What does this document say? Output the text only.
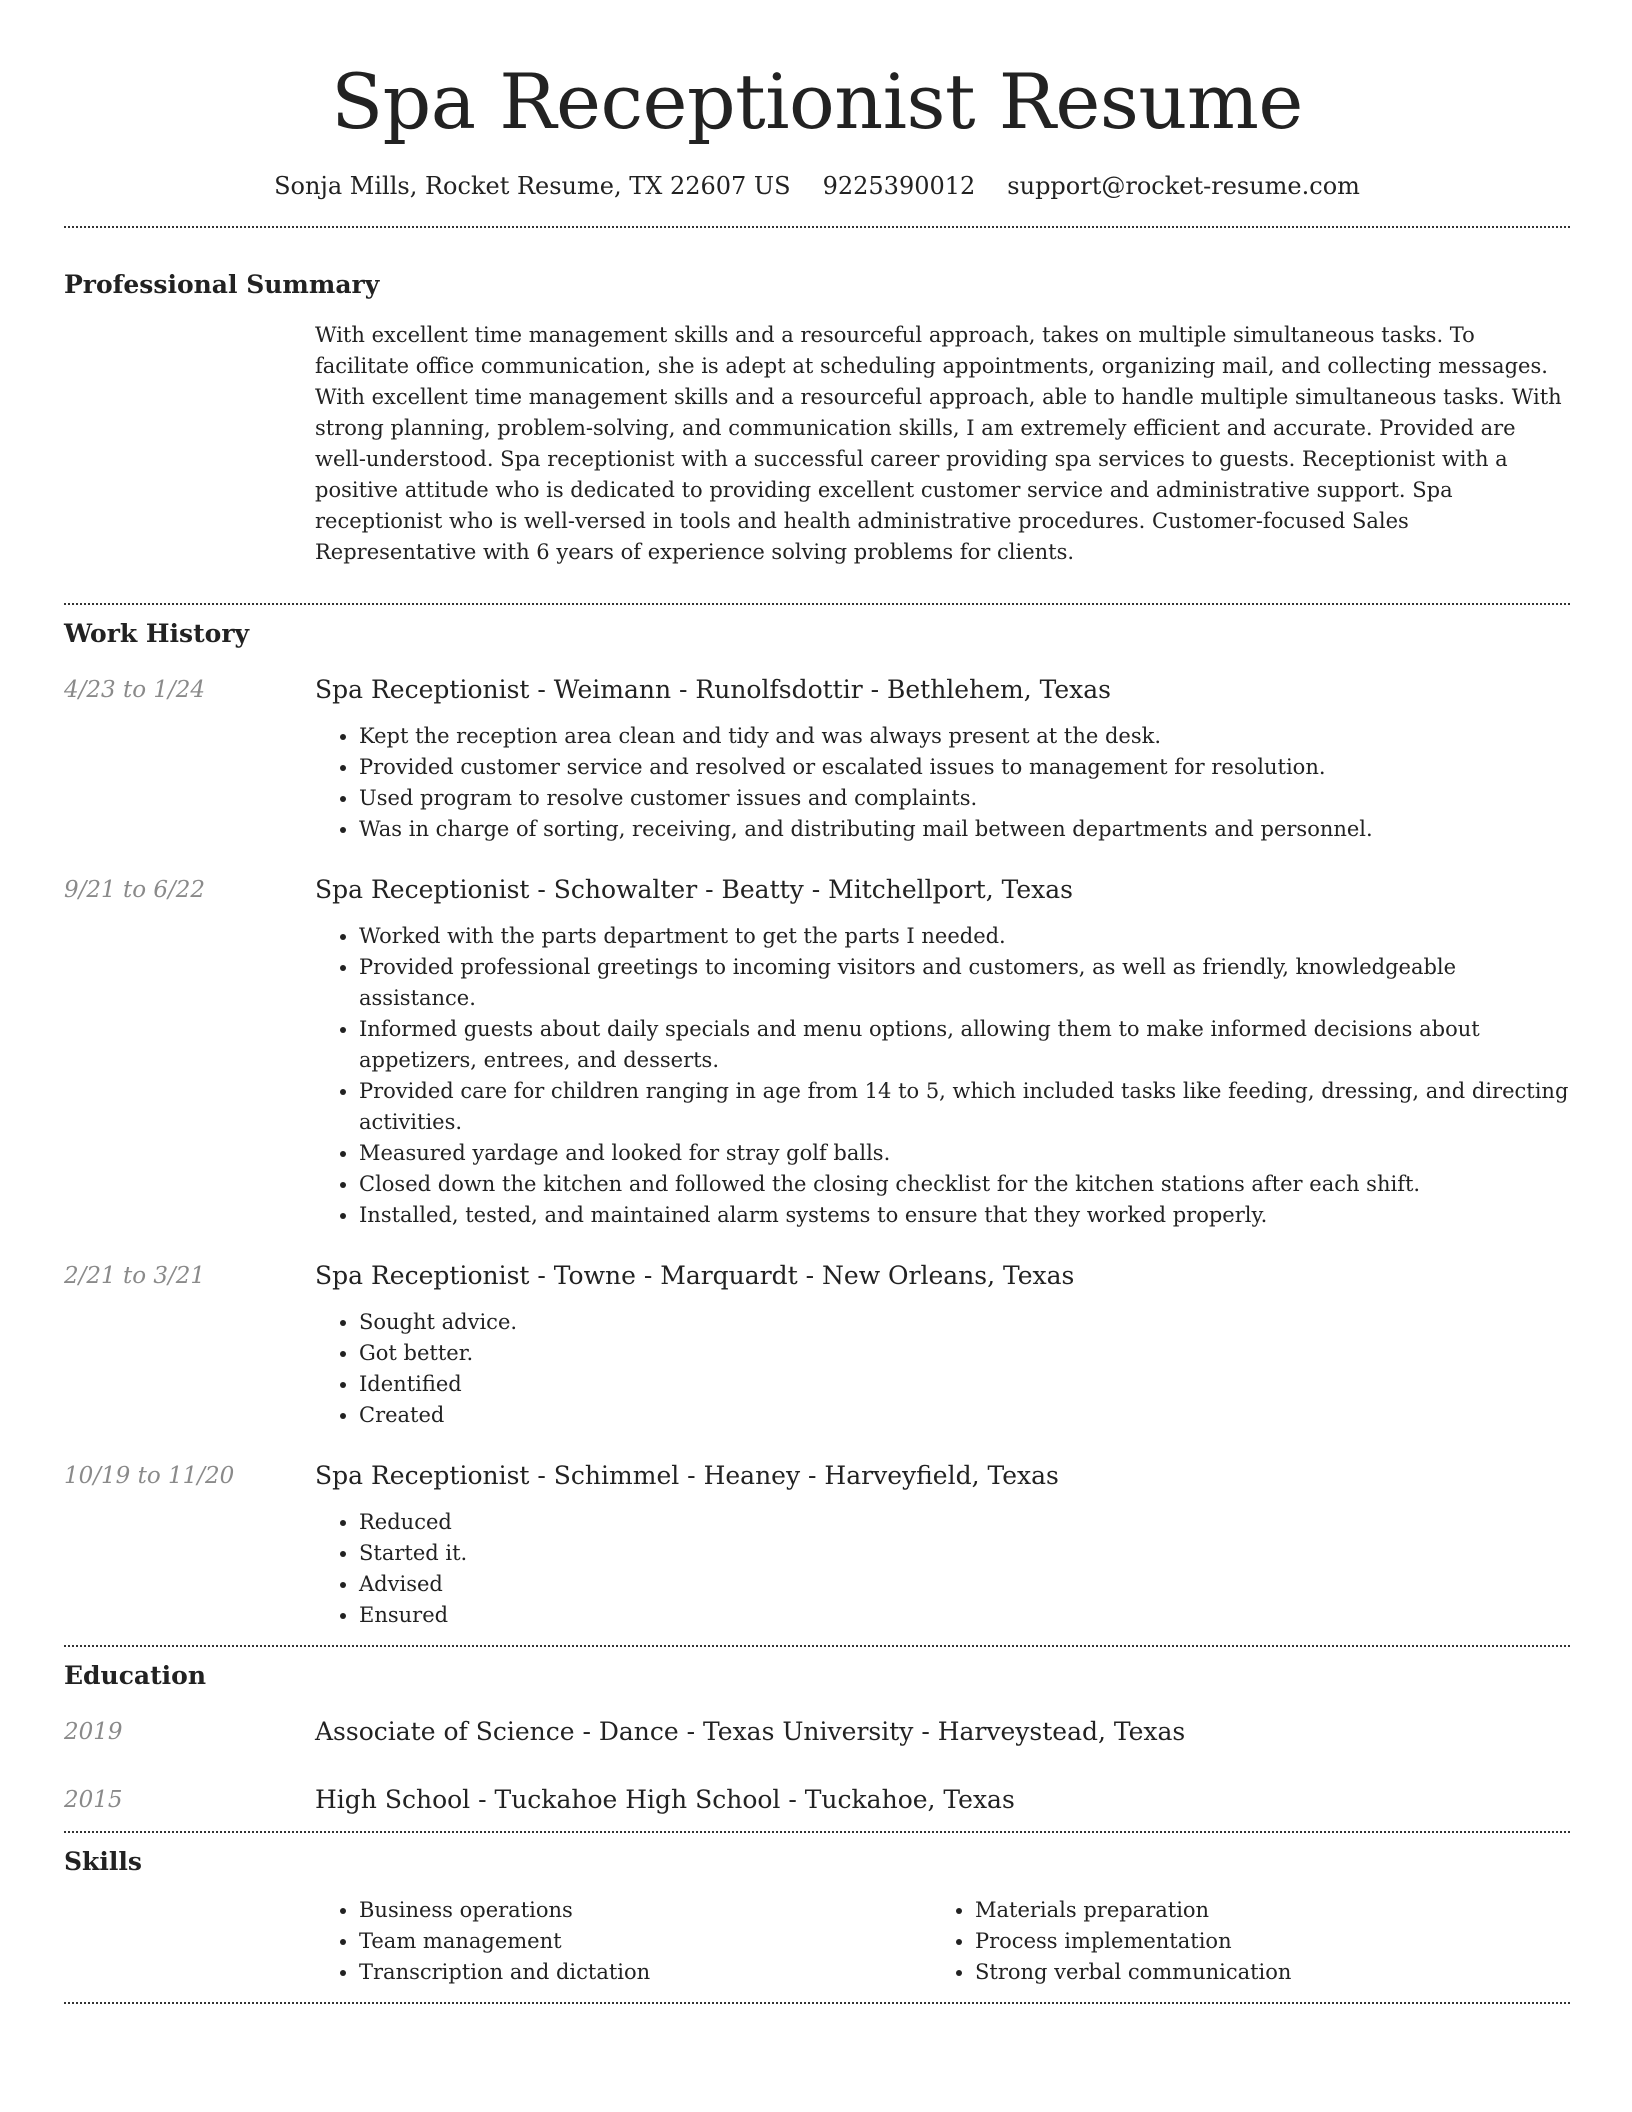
Spa Receptionist Resume
Sonja Mills, Rocket Resume, TX 22607 US 9225390012 support@rocket-resume.com
Professional Summary

With excellent time management skills and a resourceful approach, takes on multiple simultaneous tasks. To facilitate office communication, she is adept at scheduling appointments, organizing mail, and collecting messages. With excellent time management skills and a resourceful approach, able to handle multiple simultaneous tasks. With strong planning, problem-solving, and communication skills, I am extremely efficient and accurate. Provided are well-understood. Spa receptionist with a successful career providing spa services to guests. Receptionist with a positive attitude who is dedicated to providing excellent customer service and administrative support. Spa receptionist who is well-versed in tools and health administrative procedures. Customer-focused Sales Representative with 6 years of experience solving problems for clients.

Work History
4/23 to 1/24	Spa Receptionist - Weimann - Runolfsdottir - Bethlehem, Texas
• Kept the reception area clean and tidy and was always present at the desk.
• Provided customer service and resolved or escalated issues to management for resolution.
• Used program to resolve customer issues and complaints.
• Was in charge of sorting, receiving, and distributing mail between departments and personnel.
9/21 to 6/22	Spa Receptionist - Schowalter - Beatty - Mitchellport, Texas
• Worked with the parts department to get the parts I needed.
• Provided professional greetings to incoming visitors and customers, as well as friendly, knowledgeable assistance.
• Informed guests about daily specials and menu options, allowing them to make informed decisions about appetizers, entrees, and desserts.
• Provided care for children ranging in age from 14 to 5, which included tasks like feeding, dressing, and directing activities.
• Measured yardage and looked for stray golf balls.
• Closed down the kitchen and followed the closing checklist for the kitchen stations after each shift.
• Installed, tested, and maintained alarm systems to ensure that they worked properly.
2/21 to 3/21	Spa Receptionist - Towne - Marquardt - New Orleans, Texas
• Sought advice.
• Got better.
• Identified
• Created
10/19 to 11/20	Spa Receptionist - Schimmel - Heaney - Harveyfield, Texas
• Reduced
• Started it.
• Advised
• Ensured
Education
2019	Associate of Science - Dance - Texas University - Harveystead, Texas
2015	High School - Tuckahoe High School - Tuckahoe, Texas
Skills
• Business operations
• Team management
• Transcription and dictation
• Materials preparation
• Process implementation
• Strong verbal communication
